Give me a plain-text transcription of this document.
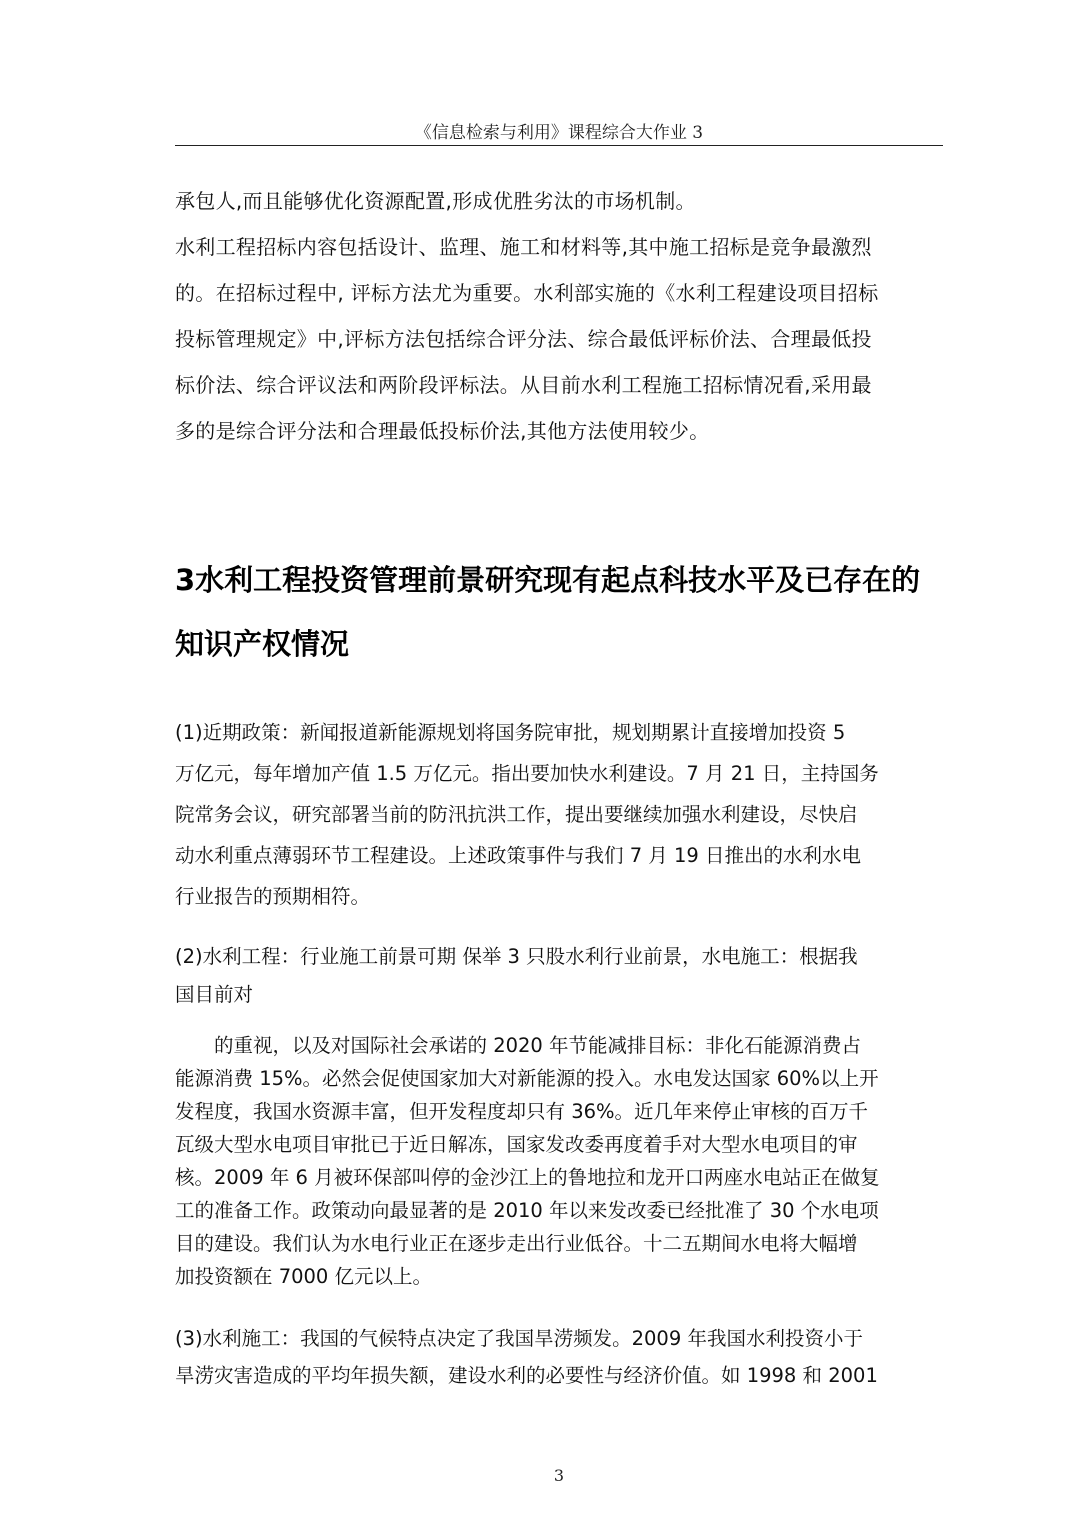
《信息检索与利用》课程综合大作业 3
承包人,而且能够优化资源配置,形成优胜劣汰的市场机制。
水利工程招标内容包括设计、监理、施工和材料等,其中施工招标是竞争最激烈
的。在招标过程中, 评标方法尤为重要。水利部实施的《水利工程建设项目招标
投标管理规定》中,评标方法包括综合评分法、综合最低评标价法、合理最低投
标价法、综合评议法和两阶段评标法。从目前水利工程施工招标情况看,采用最
多的是综合评分法和合理最低投标价法,其他方法使用较少。
3水利工程投资管理前景研究现有起点科技水平及已存在的
知识产权情况
(1)近期政策：新闻报道新能源规划将国务院审批，规划期累计直接增加投资 5
万亿元，每年增加产值 1.5 万亿元。指出要加快水利建设。7 月 21 日，主持国务
院常务会议，研究部署当前的防汛抗洪工作，提出要继续加强水利建设，尽快启
动水利重点薄弱环节工程建设。上述政策事件与我们 7 月 19 日推出的水利水电
行业报告的预期相符。
(2)水利工程：行业施工前景可期 保举 3 只股水利行业前景，水电施工：根据我
国目前对
　　的重视，以及对国际社会承诺的 2020 年节能减排目标：非化石能源消费占
能源消费 15%。必然会促使国家加大对新能源的投入。水电发达国家 60%以上开
发程度，我国水资源丰富，但开发程度却只有 36%。近几年来停止审核的百万千
瓦级大型水电项目审批已于近日解冻，国家发改委再度着手对大型水电项目的审
核。2009 年 6 月被环保部叫停的金沙江上的鲁地拉和龙开口两座水电站正在做复
工的准备工作。政策动向最显著的是 2010 年以来发改委已经批准了 30 个水电项
目的建设。我们认为水电行业正在逐步走出行业低谷。十二五期间水电将大幅增
加投资额在 7000 亿元以上。
(3)水利施工：我国的气候特点决定了我国旱涝频发。2009 年我国水利投资小于
旱涝灾害造成的平均年损失额，建设水利的必要性与经济价值。如 1998 和 2001
3
